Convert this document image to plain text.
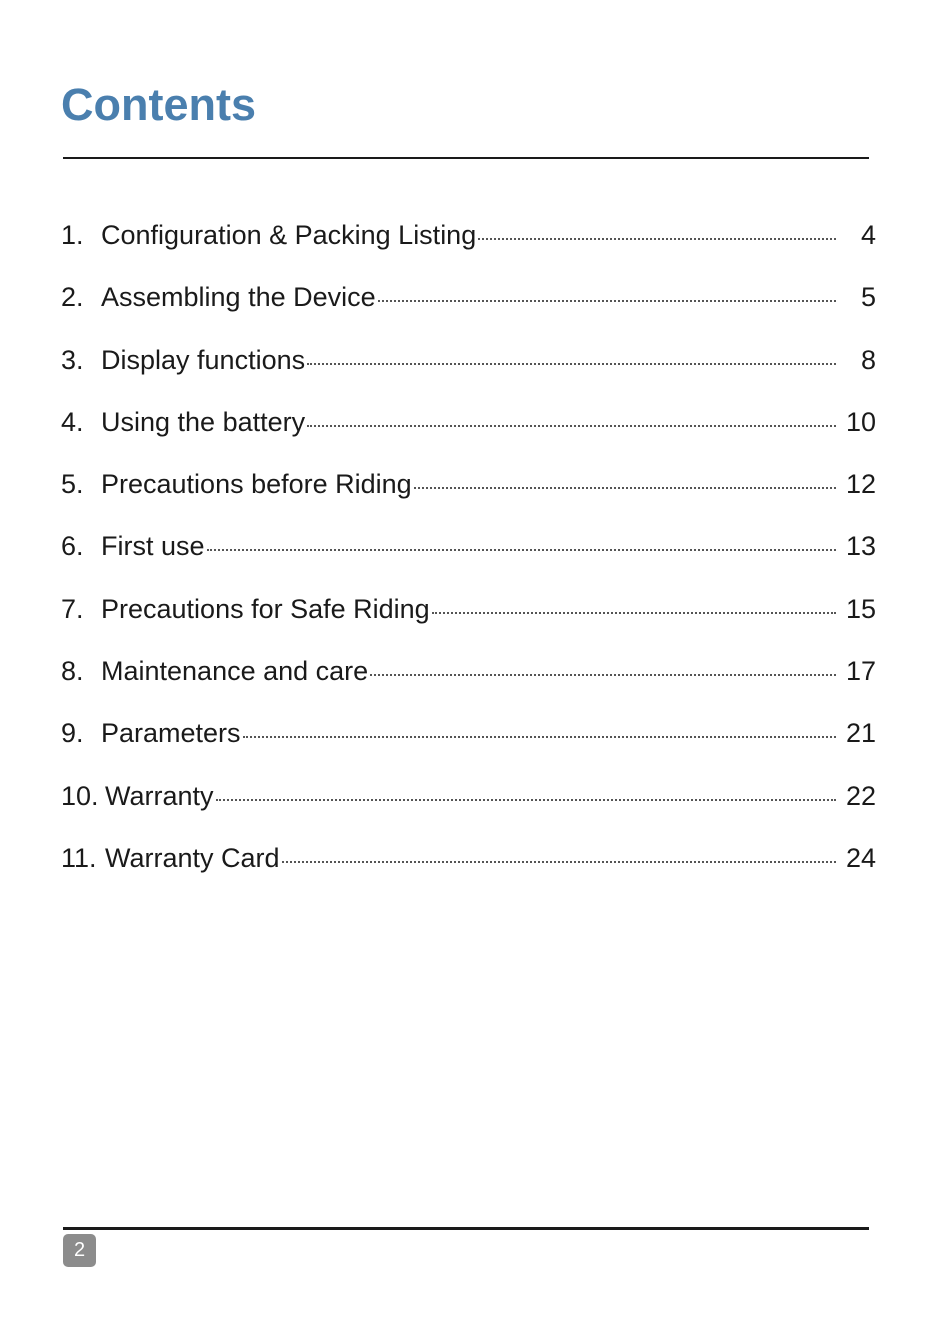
Contents
1. Configuration & Packing Listing	4
2. Assembling the Device	5
3. Display functions	8
4. Using the battery	10
5. Precautions before Riding	12
6. First use	13
7. Precautions for Safe Riding	15
8. Maintenance and care	17
9. Parameters	21
10. Warranty	22
11. Warranty Card	24
2
